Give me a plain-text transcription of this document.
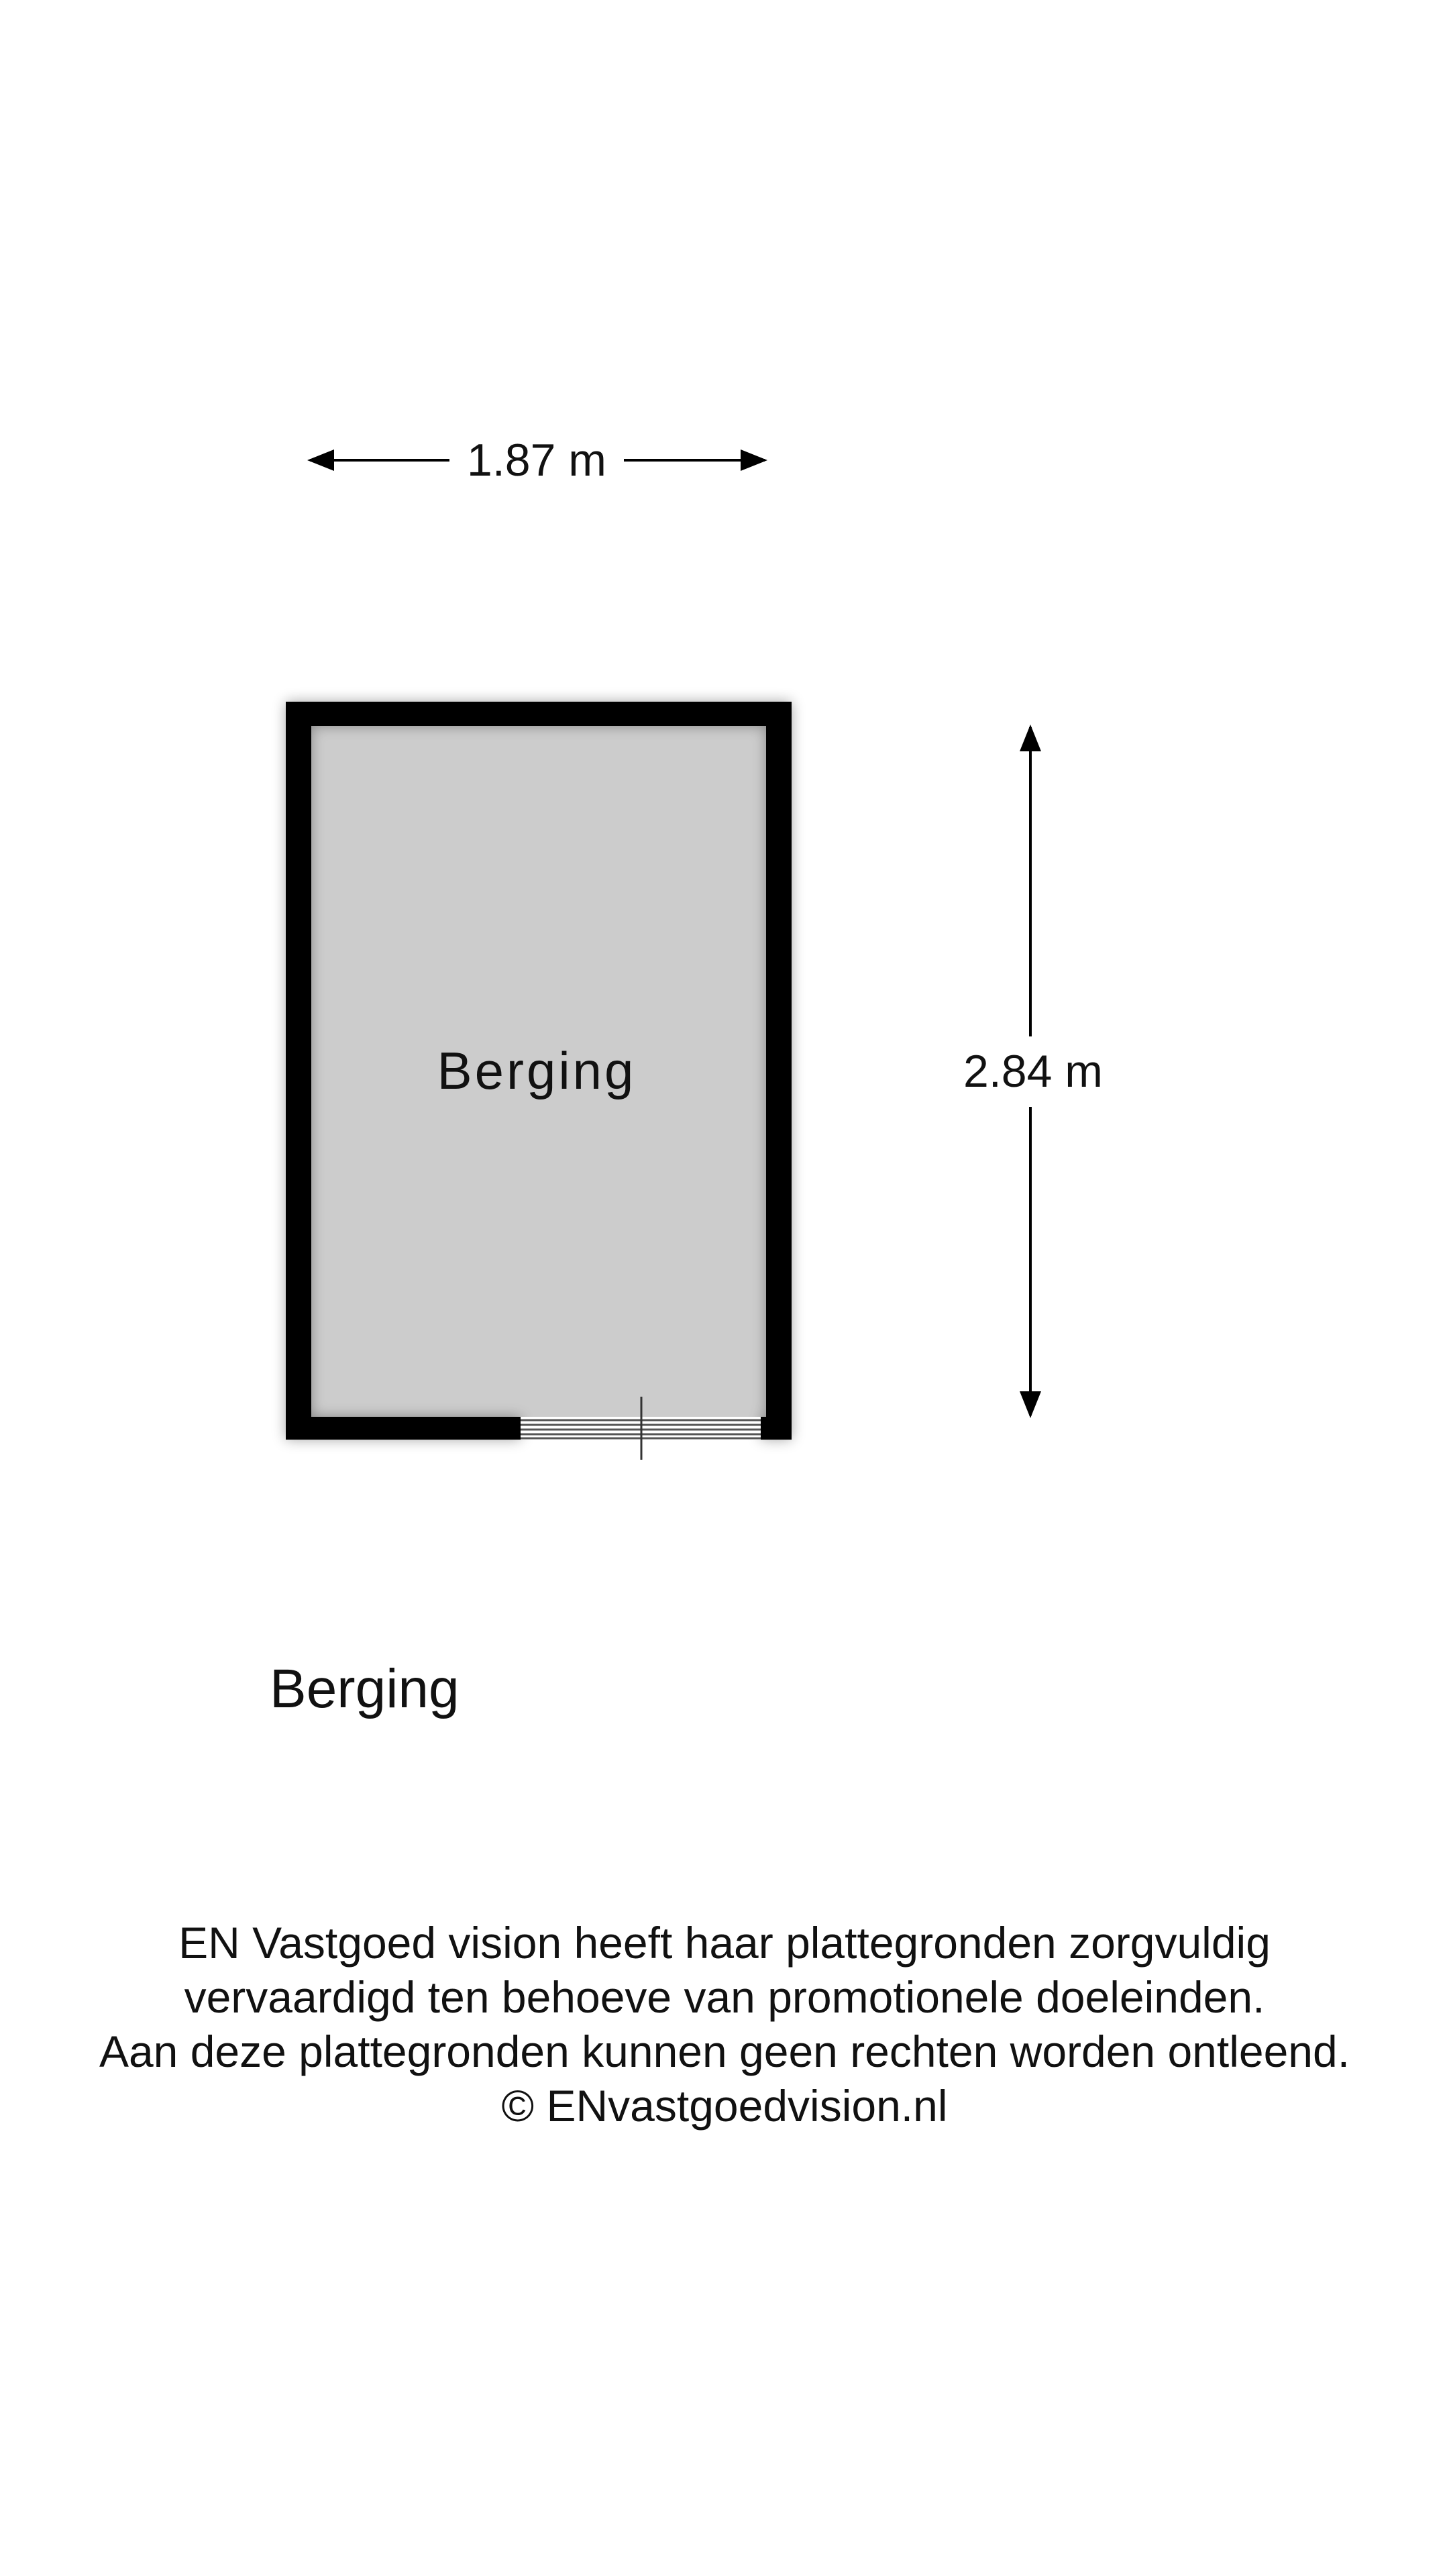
1.87 m
2.84 m
Berging
Berging
EN Vastgoed vision heeft haar plattegronden zorgvuldig
vervaardigd ten behoeve van promotionele doeleinden.
Aan deze plattegronden kunnen geen rechten worden ontleend.
© ENvastgoedvision.nl
